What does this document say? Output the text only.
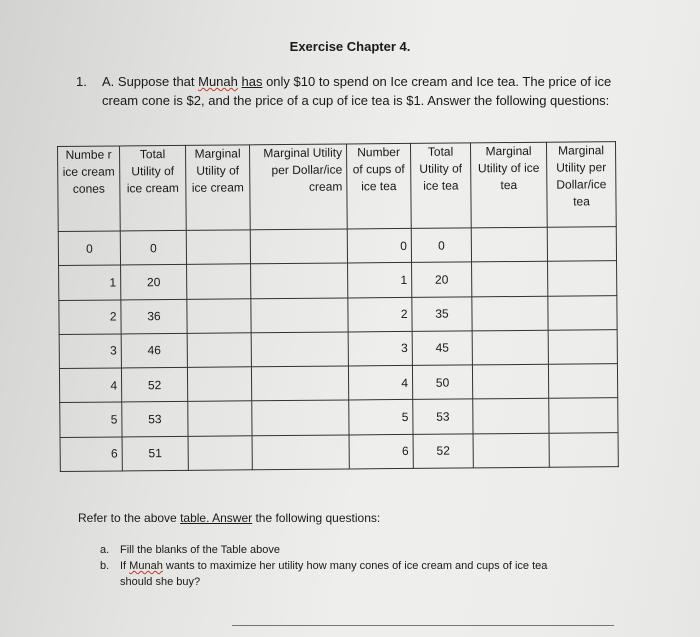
Exercise Chapter 4.
1. A. Suppose that Munah has only $10 to spend on Ice cream and Ice tea. The price of ice cream cone is $2, and the price of a cup of ice tea is $1. Answer the following questions:
Numbe r ice cream cones	Total Utility of ice cream	Marginal Utility of ice cream	Marginal Utility per Dollar/ice cream	Number of cups of ice tea	Total Utility of ice tea	Marginal Utility of ice tea	Marginal Utility per Dollar/ice tea
0	0			0	0		
1	20			1	20		
2	36			2	35		
3	46			3	45		
4	52			4	50		
5	53			5	53		
6	51			6	52		
Refer to the above table. Answer the following questions:
a. Fill the blanks of the Table above
b. If Munah wants to maximize her utility how many cones of ice cream and cups of ice tea
should she buy?
